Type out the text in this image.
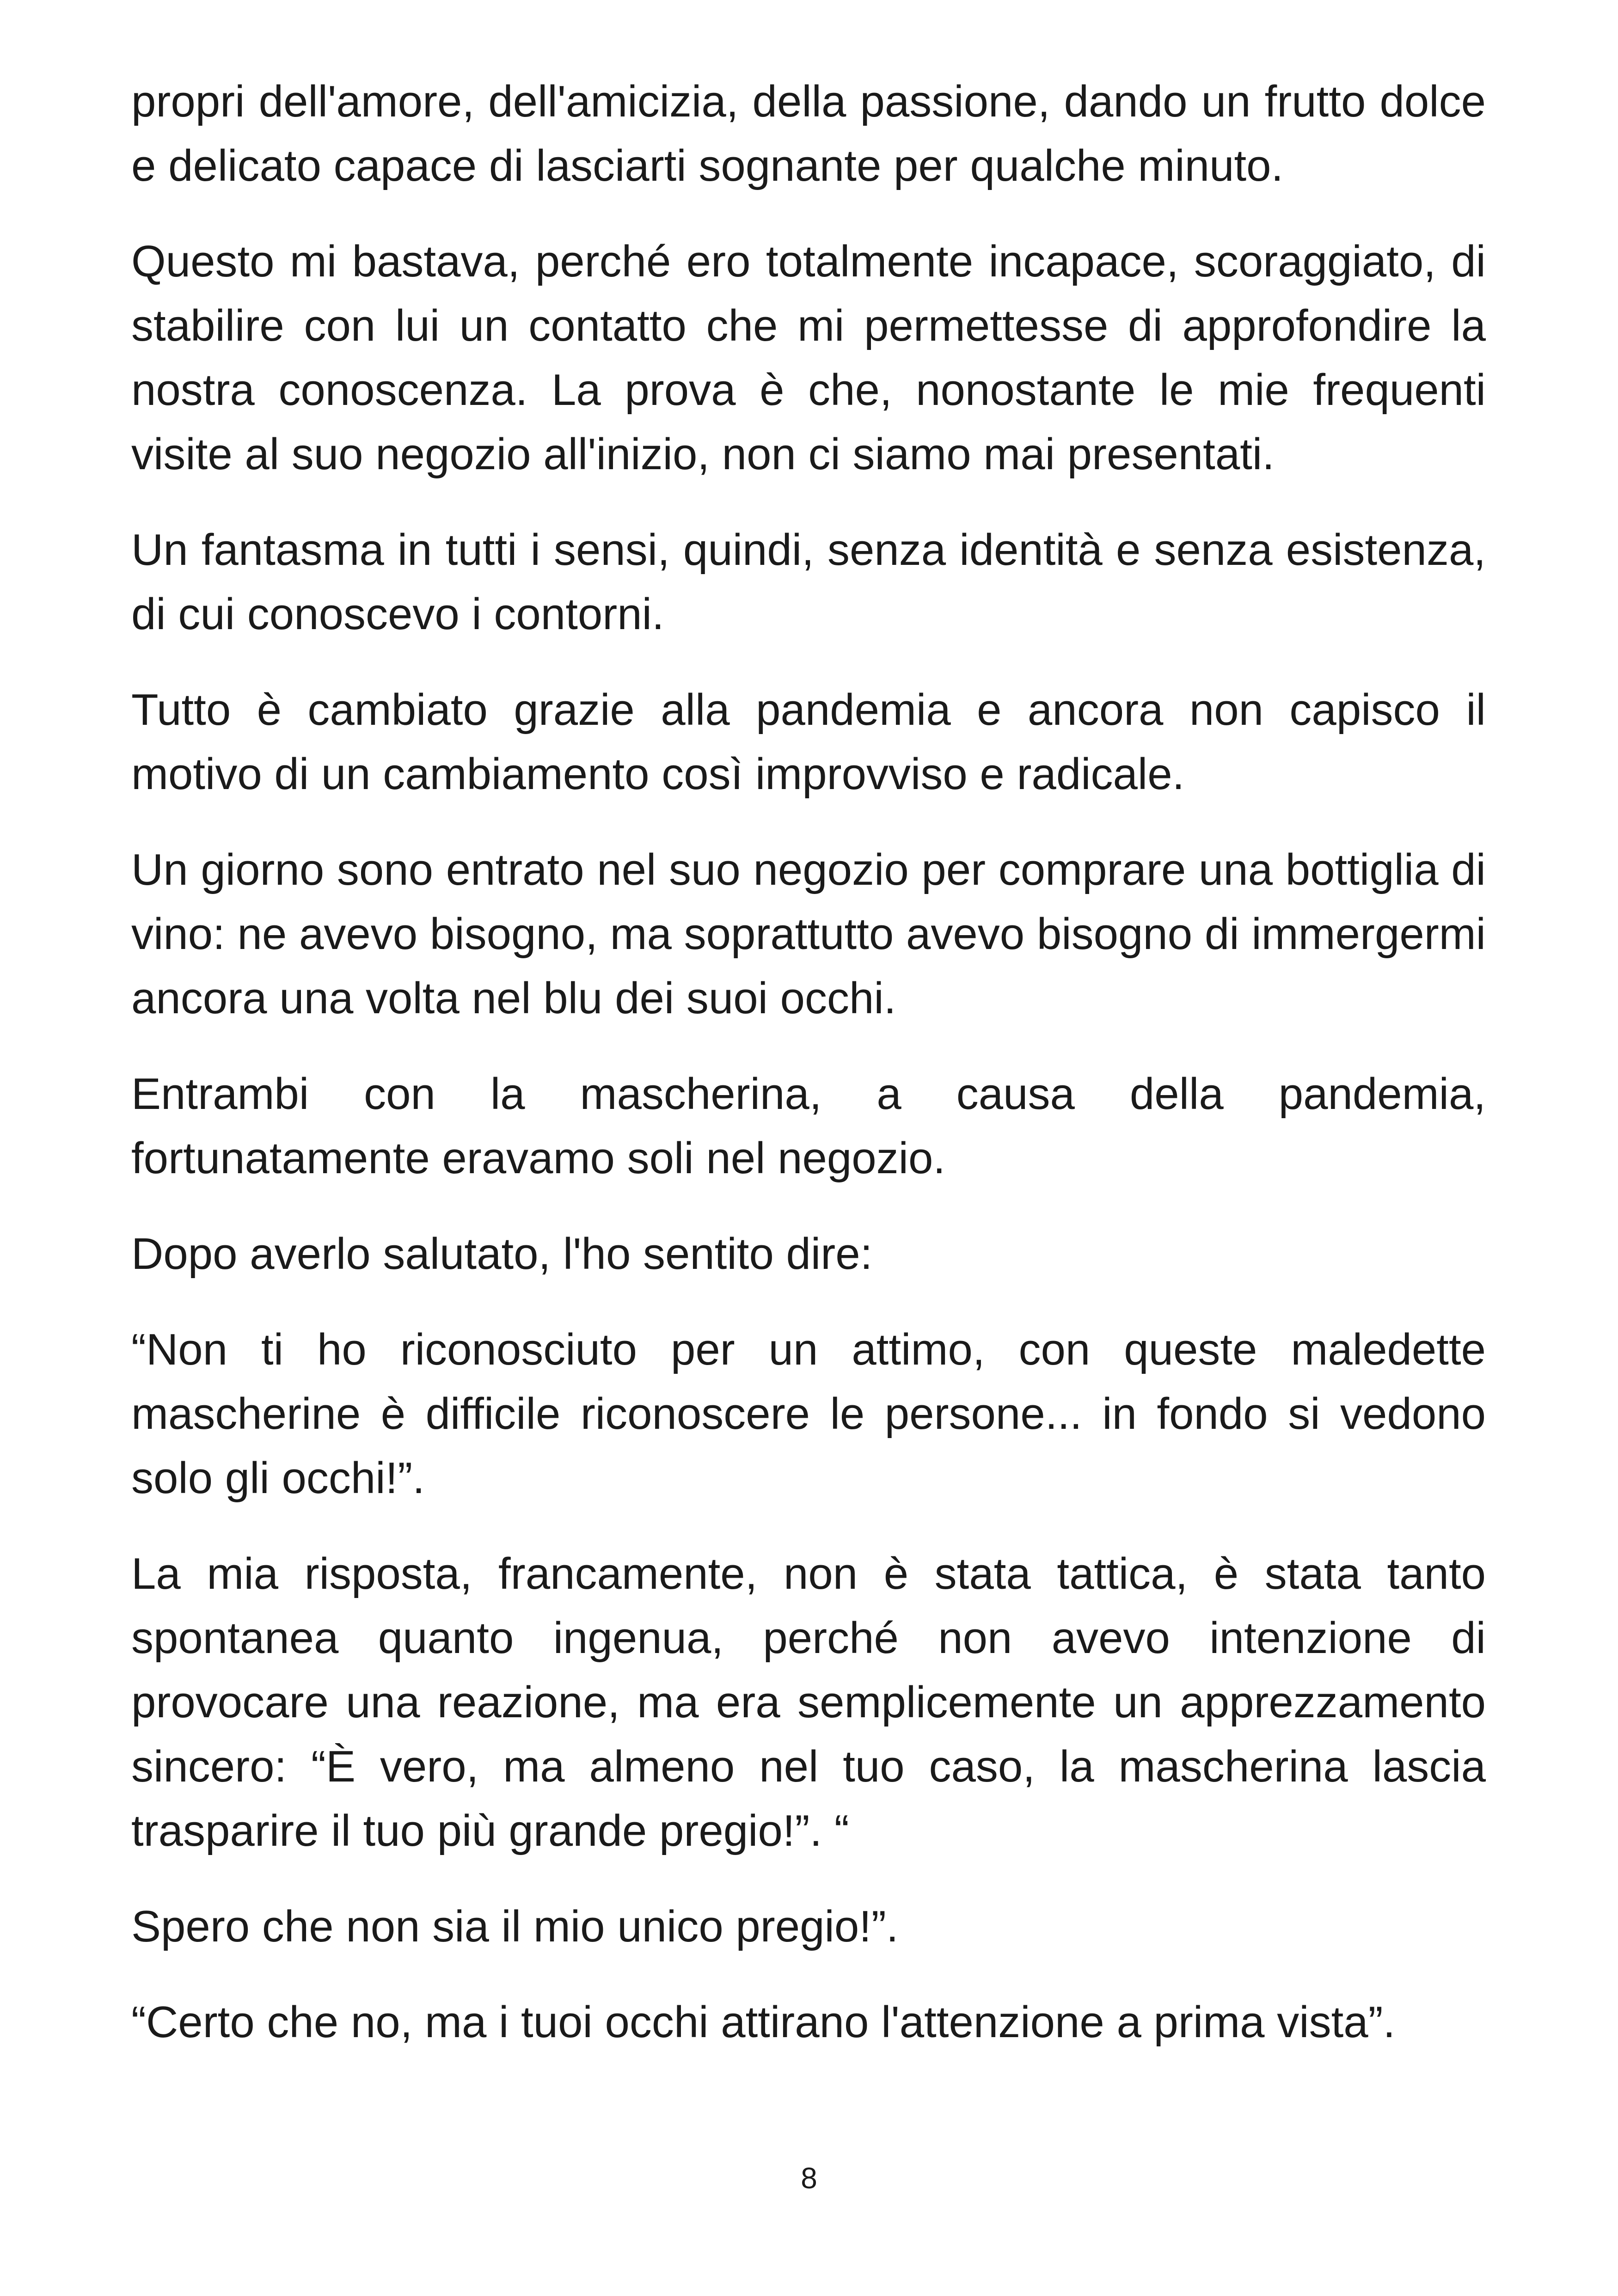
propri dell'amore, dell'amicizia, della passione, dando un frutto dolce e delicato capace di lasciarti sognante per qualche minuto.

Questo mi bastava, perché ero totalmente incapace, scoraggiato, di stabilire con lui un contatto che mi permettesse di approfondire la nostra conoscenza. La prova è che, nonostante le mie frequenti visite al suo negozio all'inizio, non ci siamo mai presentati.

Un fantasma in tutti i sensi, quindi, senza identità e senza esistenza, di cui conoscevo i contorni.

Tutto è cambiato grazie alla pandemia e ancora non capisco il motivo di un cambiamento così improvviso e radicale.

Un giorno sono entrato nel suo negozio per comprare una bottiglia di vino: ne avevo bisogno, ma soprattutto avevo bisogno di immergermi ancora una volta nel blu dei suoi occhi.

Entrambi con la mascherina, a causa della pandemia, fortunatamente eravamo soli nel negozio.

Dopo averlo salutato, l'ho sentito dire:

“Non ti ho riconosciuto per un attimo, con queste maledette mascherine è difficile riconoscere le persone... in fondo si vedono solo gli occhi!”.

La mia risposta, francamente, non è stata tattica, è stata tanto spontanea quanto ingenua, perché non avevo intenzione di provocare una reazione, ma era semplicemente un apprezzamento sincero: “È vero, ma almeno nel tuo caso, la mascherina lascia trasparire il tuo più grande pregio!”. “

Spero che non sia il mio unico pregio!”.

“Certo che no, ma i tuoi occhi attirano l'attenzione a prima vista”.

8
